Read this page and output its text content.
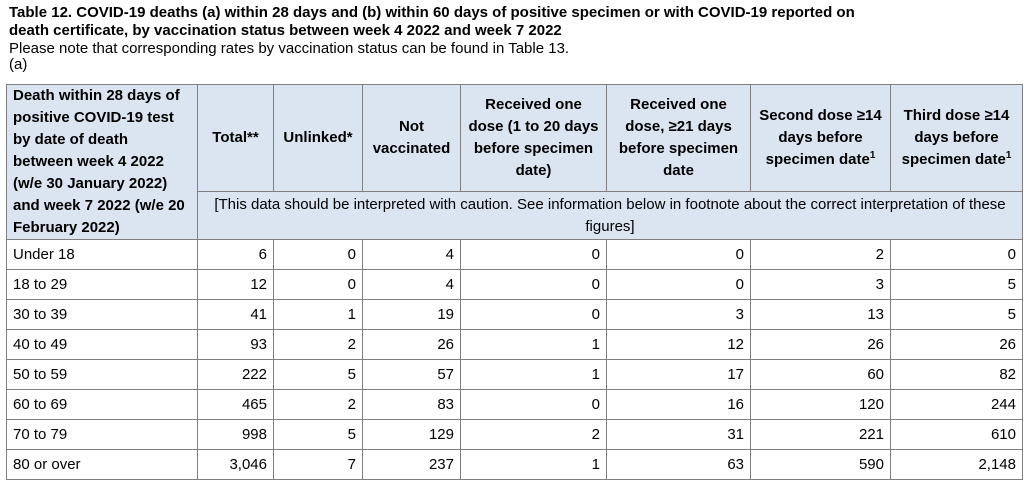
Table 12. COVID-19 deaths (a) within 28 days and (b) within 60 days of positive specimen or with COVID-19 reported on
death certificate, by vaccination status between week 4 2022 and week 7 2022
Please note that corresponding rates by vaccination status can be found in Table 13.
(a)
Death within 28 days of positive COVID-19 test by date of death between week 4 2022 (w/e 30 January 2022) and week 7 2022 (w/e 20 February 2022)	Total**	Unlinked*	Not vaccinated	Received one dose (1 to 20 days before specimen date)	Received one dose, ≥21 days before specimen date	Second dose ≥14 days before specimen date$^1$	Third dose ≥14 days before specimen date$^1$
	[This data should be interpreted with caution. See information below in footnote about the correct interpretation of these figures]						
Under 18	6	0	4	0	0	2	0
18 to 29	12	0	4	0	0	3	5
30 to 39	41	1	19	0	3	13	5
40 to 49	93	2	26	1	12	26	26
50 to 59	222	5	57	1	17	60	82
60 to 69	465	2	83	0	16	120	244
70 to 79	998	5	129	2	31	221	610
80 or over	3,046	7	237	1	63	590	2,148
